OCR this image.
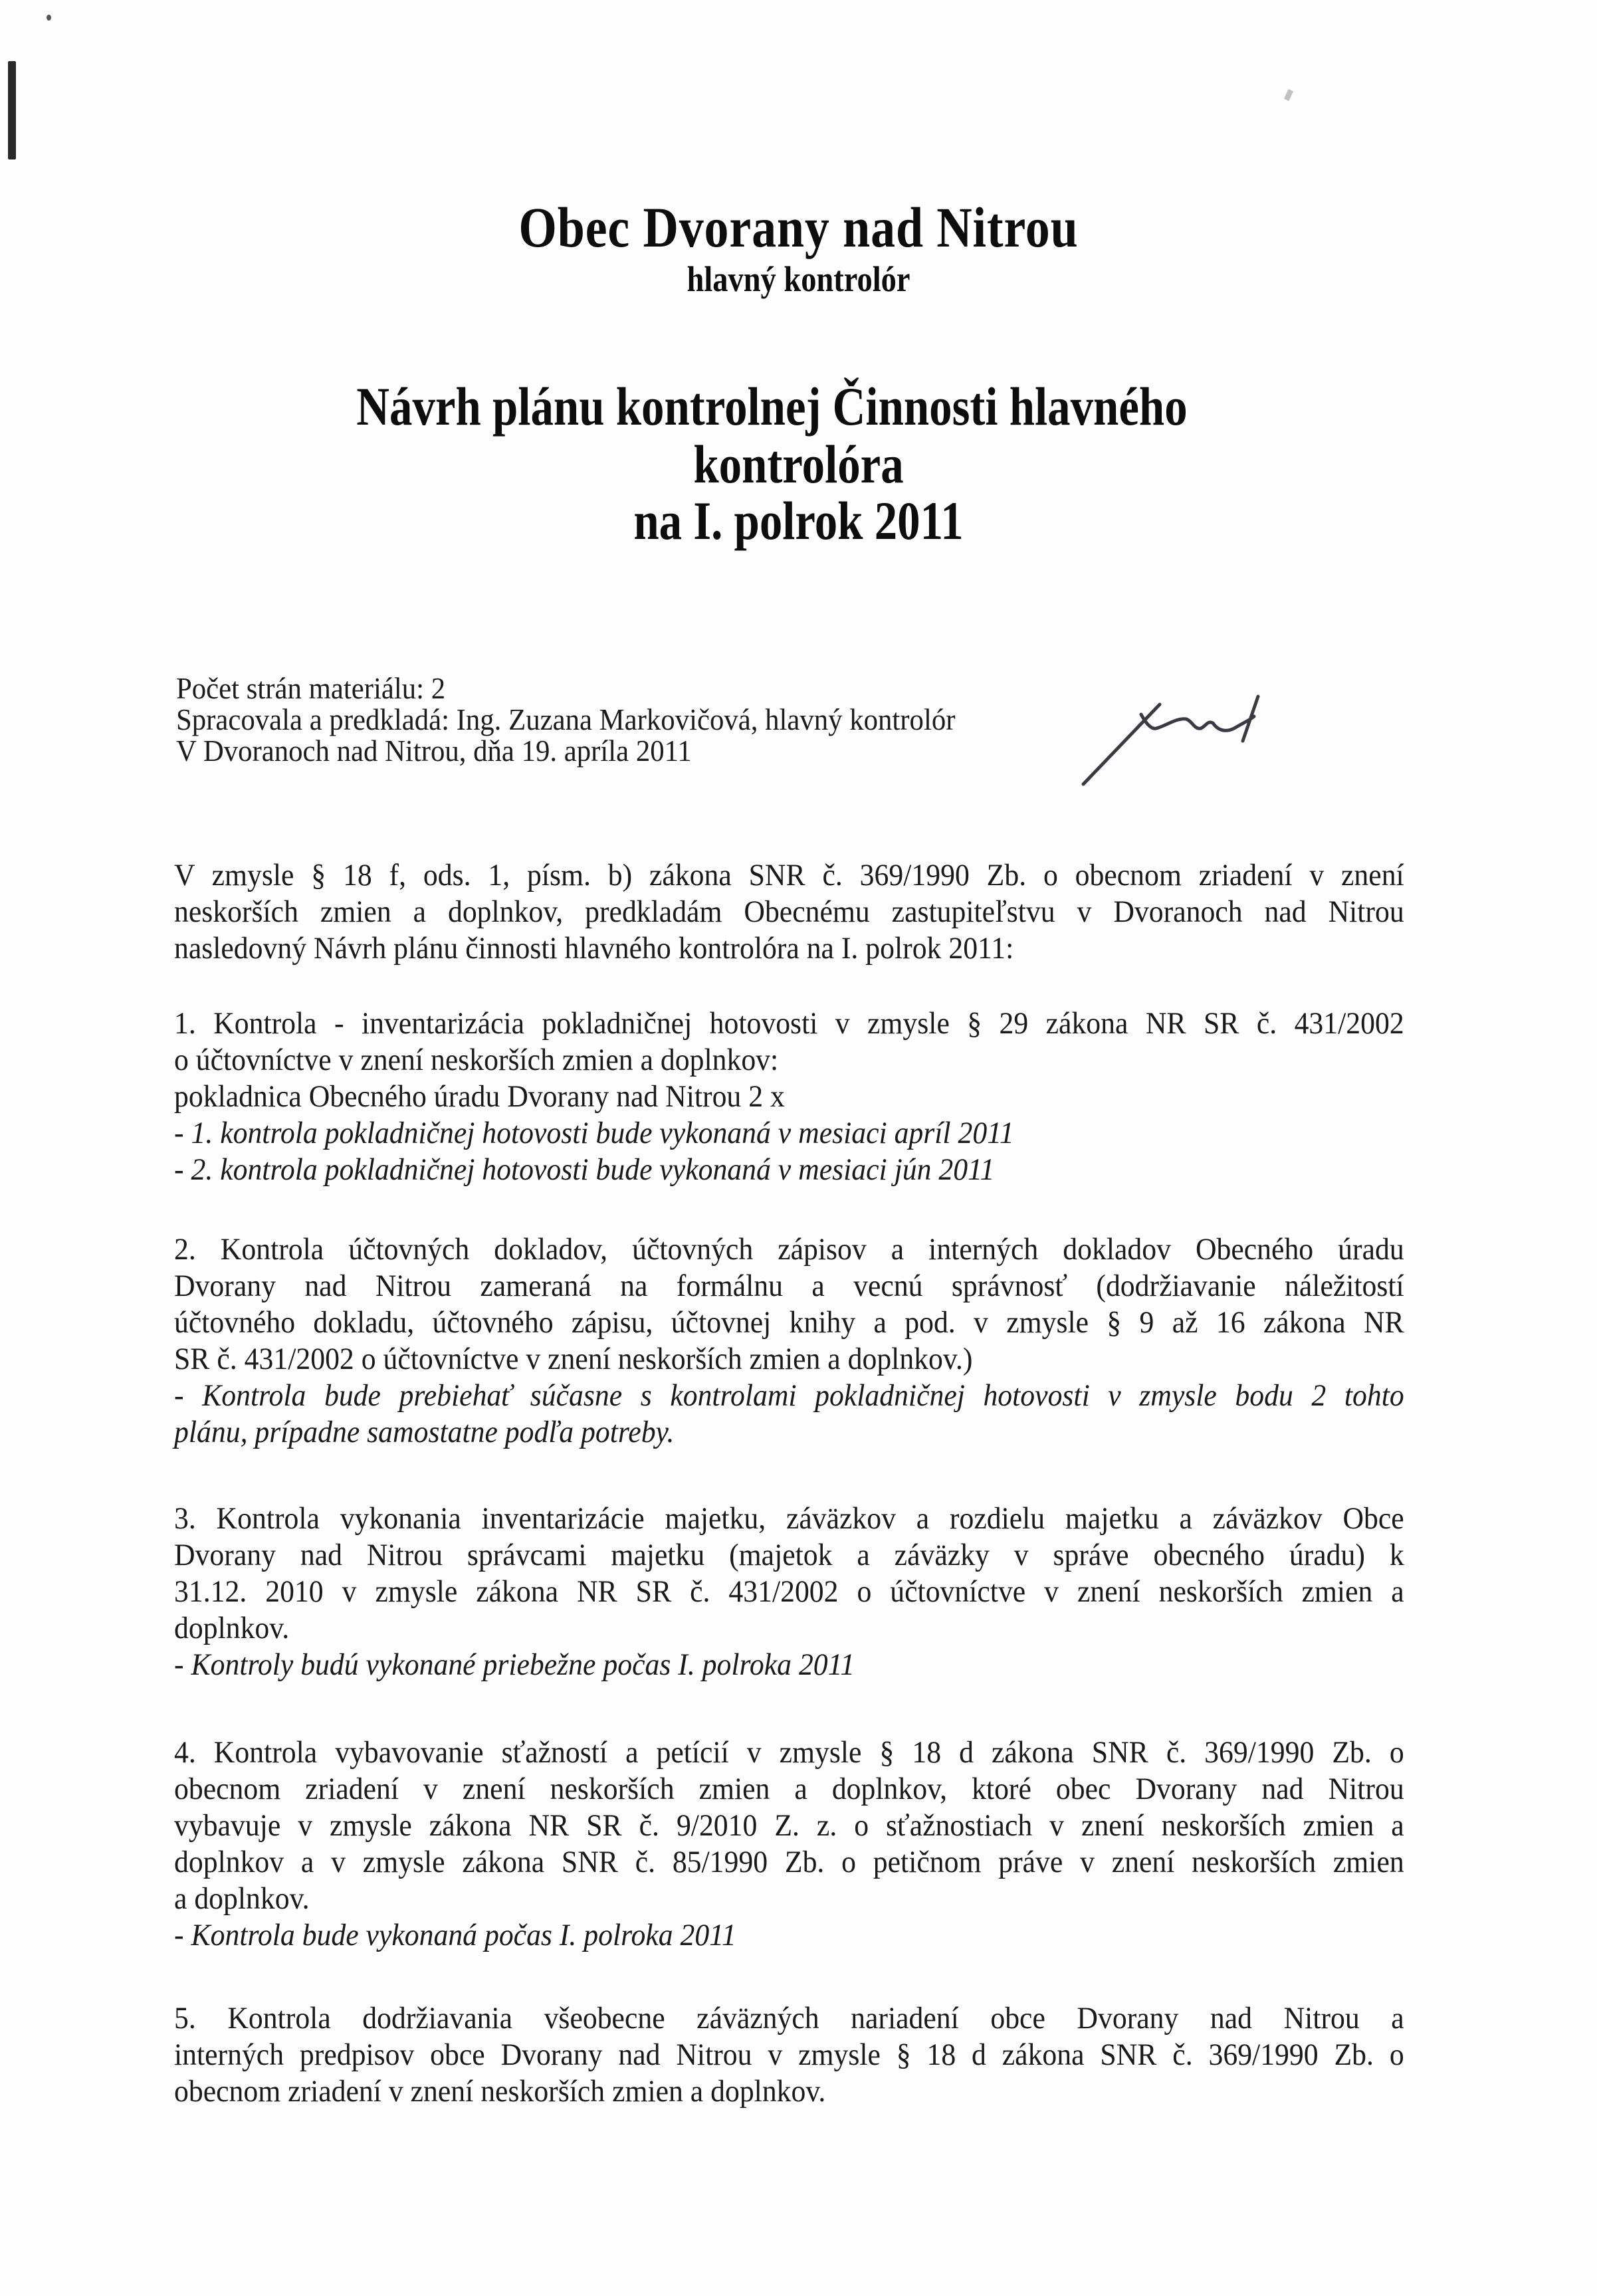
Obec Dvorany nad Nitrou
hlavný kontrolór
Návrh plánu kontrolnej Činnosti hlavného
kontrolóra
na I. polrok 2011
Počet strán materiálu: 2
Spracovala a predkladá: Ing. Zuzana Markovičová, hlavný kontrolór
V Dvoranoch nad Nitrou, dňa 19. apríla 2011

V zmysle § 18 f, ods. 1, písm. b) zákona SNR č. 369/1990 Zb. o obecnom zriadení v znení

neskorších zmien a doplnkov, predkladám Obecnému zastupiteľstvu v Dvoranoch nad Nitrou

nasledovný Návrh plánu činnosti hlavného kontrolóra na I. polrok 2011:

1. Kontrola - inventarizácia pokladničnej hotovosti v zmysle § 29 zákona NR SR č. 431/2002

o účtovníctve v znení neskorších zmien a doplnkov:

pokladnica Obecného úradu Dvorany nad Nitrou 2 x

- 1. kontrola pokladničnej hotovosti bude vykonaná v mesiaci apríl 2011

- 2. kontrola pokladničnej hotovosti bude vykonaná v mesiaci jún 2011

2. Kontrola účtovných dokladov, účtovných zápisov a interných dokladov Obecného úradu

Dvorany nad Nitrou zameraná na formálnu a vecnú správnosť (dodržiavanie náležitostí

účtovného dokladu, účtovného zápisu, účtovnej knihy a pod. v zmysle § 9 až 16 zákona NR

SR č. 431/2002 o účtovníctve v znení neskorších zmien a doplnkov.)

- Kontrola bude prebiehať súčasne s kontrolami pokladničnej hotovosti v zmysle bodu 2 tohto

plánu, prípadne samostatne podľa potreby.

3. Kontrola vykonania inventarizácie majetku, záväzkov a rozdielu majetku a záväzkov Obce

Dvorany nad Nitrou správcami majetku (majetok a záväzky v správe obecného úradu) k

31.12. 2010 v zmysle zákona NR SR č. 431/2002 o účtovníctve v znení neskorších zmien a

doplnkov.

- Kontroly budú vykonané priebežne počas I. polroka 2011

4. Kontrola vybavovanie sťažností a petícií v zmysle § 18 d zákona SNR č. 369/1990 Zb. o

obecnom zriadení v znení neskorších zmien a doplnkov, ktoré obec Dvorany nad Nitrou

vybavuje v zmysle zákona NR SR č. 9/2010 Z. z. o sťažnostiach v znení neskorších zmien a

doplnkov a v zmysle zákona SNR č. 85/1990 Zb. o petičnom práve v znení neskorších zmien

a doplnkov.

- Kontrola bude vykonaná počas I. polroka 2011

5. Kontrola dodržiavania všeobecne záväzných nariadení obce Dvorany nad Nitrou a

interných predpisov obce Dvorany nad Nitrou v zmysle § 18 d zákona SNR č. 369/1990 Zb. o

obecnom zriadení v znení neskorších zmien a doplnkov.
